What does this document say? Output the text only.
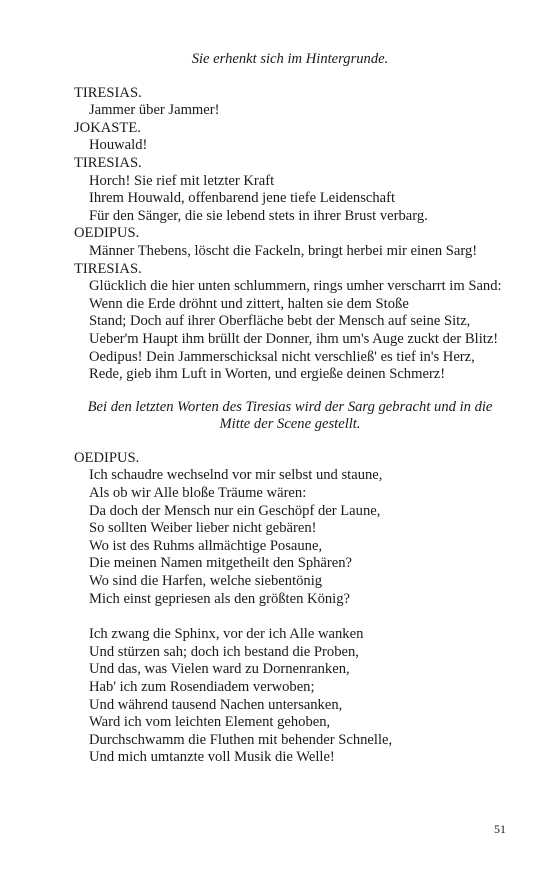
Sie erhenkt sich im Hintergrunde.
TIRESIAS.
Jammer über Jammer!
JOKASTE.
Houwald!
TIRESIAS.
Horch! Sie rief mit letzter Kraft
Ihrem Houwald, offenbarend jene tiefe Leidenschaft
Für den Sänger, die sie lebend stets in ihrer Brust verbarg.
OEDIPUS.
Männer Thebens, löscht die Fackeln, bringt herbei mir einen Sarg!
TIRESIAS.
Glücklich die hier unten schlummern, rings umher verscharrt im Sand:
Wenn die Erde dröhnt und zittert, halten sie dem Stoße
Stand; Doch auf ihrer Oberfläche bebt der Mensch auf seine Sitz,
Ueber'm Haupt ihm brüllt der Donner, ihm um's Auge zuckt der Blitz!
Oedipus! Dein Jammerschicksal nicht verschließ' es tief in's Herz,
Rede, gieb ihm Luft in Worten, und ergieße deinen Schmerz!
Bei den letzten Worten des Tiresias wird der Sarg gebracht und in die Mitte der Scene gestellt.
OEDIPUS.
Ich schaudre wechselnd vor mir selbst und staune,
Als ob wir Alle bloße Träume wären:
Da doch der Mensch nur ein Geschöpf der Laune,
So sollten Weiber lieber nicht gebären!
Wo ist des Ruhms allmächtige Posaune,
Die meinen Namen mitgetheilt den Sphären?
Wo sind die Harfen, welche siebentönig
Mich einst gepriesen als den größten König?
Ich zwang die Sphinx, vor der ich Alle wanken
Und stürzen sah; doch ich bestand die Proben,
Und das, was Vielen ward zu Dornenranken,
Hab' ich zum Rosendiadem verwoben;
Und während tausend Nachen untersanken,
Ward ich vom leichten Element gehoben,
Durchschwamm die Fluthen mit behender Schnelle,
Und mich umtanzte voll Musik die Welle!
51
